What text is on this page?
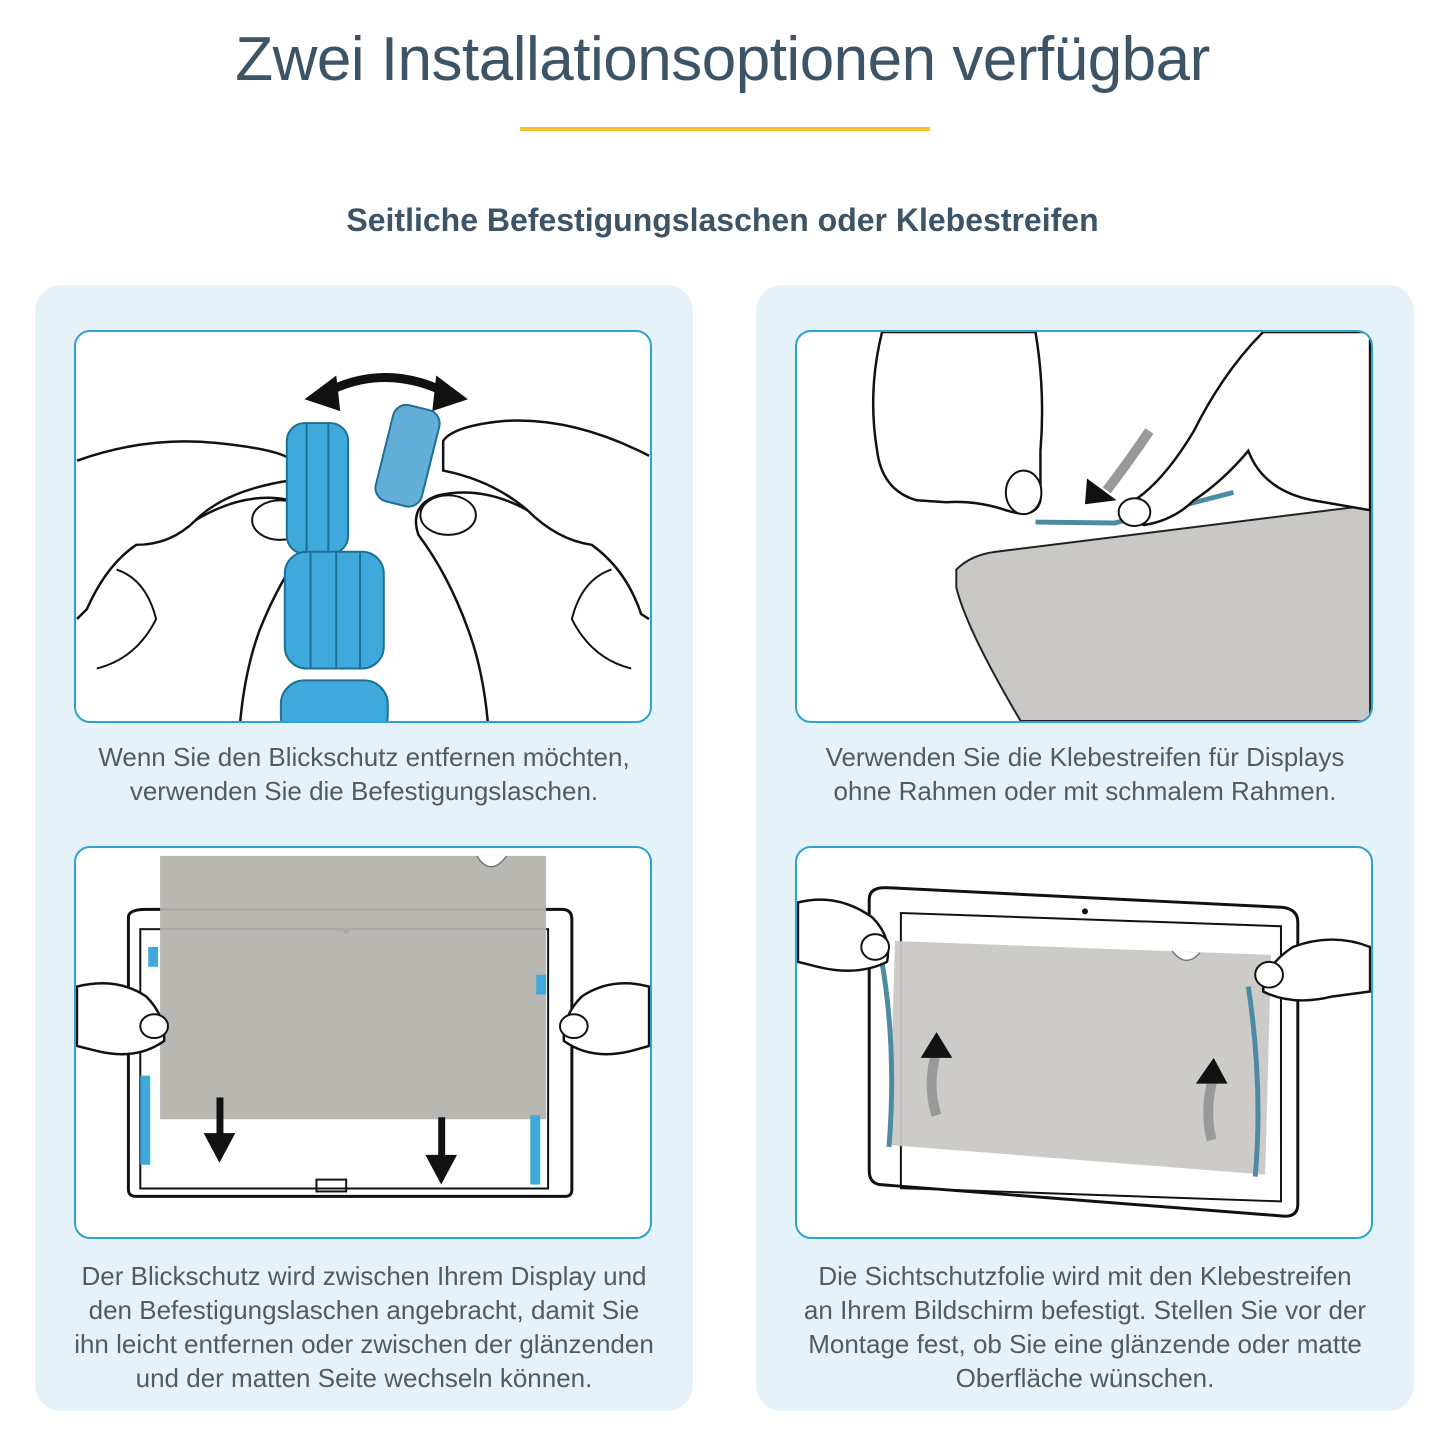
Zwei Installationsoptionen verfügbar
Seitliche Befestigungslaschen oder Klebestreifen

Wenn Sie den Blickschutz entfernen möchten,
verwenden Sie die Befestigungslaschen.

Der Blickschutz wird zwischen Ihrem Display und
den Befestigungslaschen angebracht, damit Sie
ihn leicht entfernen oder zwischen der glänzenden
und der matten Seite wechseln können.

Verwenden Sie die Klebestreifen für Displays
ohne Rahmen oder mit schmalem Rahmen.

Die Sichtschutzfolie wird mit den Klebestreifen
an Ihrem Bildschirm befestigt. Stellen Sie vor der
Montage fest, ob Sie eine glänzende oder matte
Oberfläche wünschen.
